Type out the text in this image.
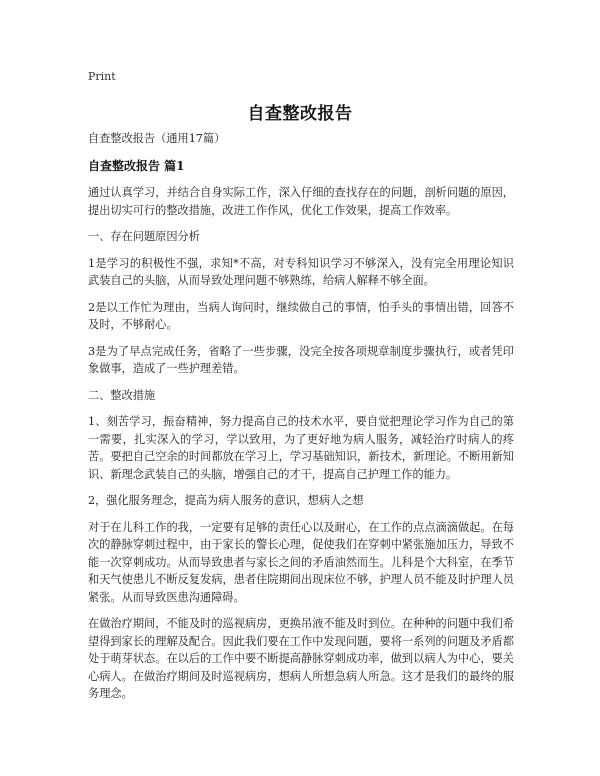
Print
自查整改报告

自查整改报告（通用17篇）

自查整改报告 篇1

通过认真学习，并结合自身实际工作，深入仔细的查找存在的问题，剖析问题的原因，提出切实可行的整改措施，改进工作作风，优化工作效果，提高工作效率。

一、存在问题原因分析

1是学习的积极性不强，求知*不高，对专科知识学习不够深入，没有完全用理论知识武装自己的头脑，从而导致处理问题不够熟练，给病人解释不够全面。

2是以工作忙为理由，当病人询问时，继续做自己的事情，怕手头的事情出错，回答不及时，不够耐心。

3是为了早点完成任务，省略了一些步骤，没完全按各项规章制度步骤执行，或者凭印象做事，造成了一些护理差错。

二、整改措施

1、刻苦学习，振奋精神，努力提高自己的技术水平，要自觉把理论学习作为自己的第一需要，扎实深入的学习，学以致用，为了更好地为病人服务，减轻治疗时病人的疼苦。要把自己空余的时间都放在学习上，学习基础知识，新技术，新理论。不断用新知识、新理念武装自己的头脑，增强自己的才干，提高自己护理工作的能力。

2，强化服务理念，提高为病人服务的意识，想病人之想

对于在儿科工作的我，一定要有足够的责任心以及耐心，在工作的点点滴滴做起。在每次的静脉穿刺过程中，由于家长的警长心理，促使我们在穿刺中紧张施加压力，导致不能一次穿刺成功。从而导致患者与家长之间的矛盾油然而生。儿科是个大科室，在季节和天气使患儿不断反复发病，患者住院期间出现床位不够，护理人员不能及时护理人员紧张。从而导致医患沟通障碍。

在做治疗期间，不能及时的巡视病房，更换吊液不能及时到位。在种种的问题中我们希望得到家长的理解及配合。因此我们要在工作中发现问题，要将一系列的问题及矛盾都处于萌芽状态。在以后的工作中要不断提高静脉穿刺成功率，做到以病人为中心，要关心病人。在做治疗期间及时巡视病房，想病人所想急病人所急。这才是我们的最终的服务理念。
